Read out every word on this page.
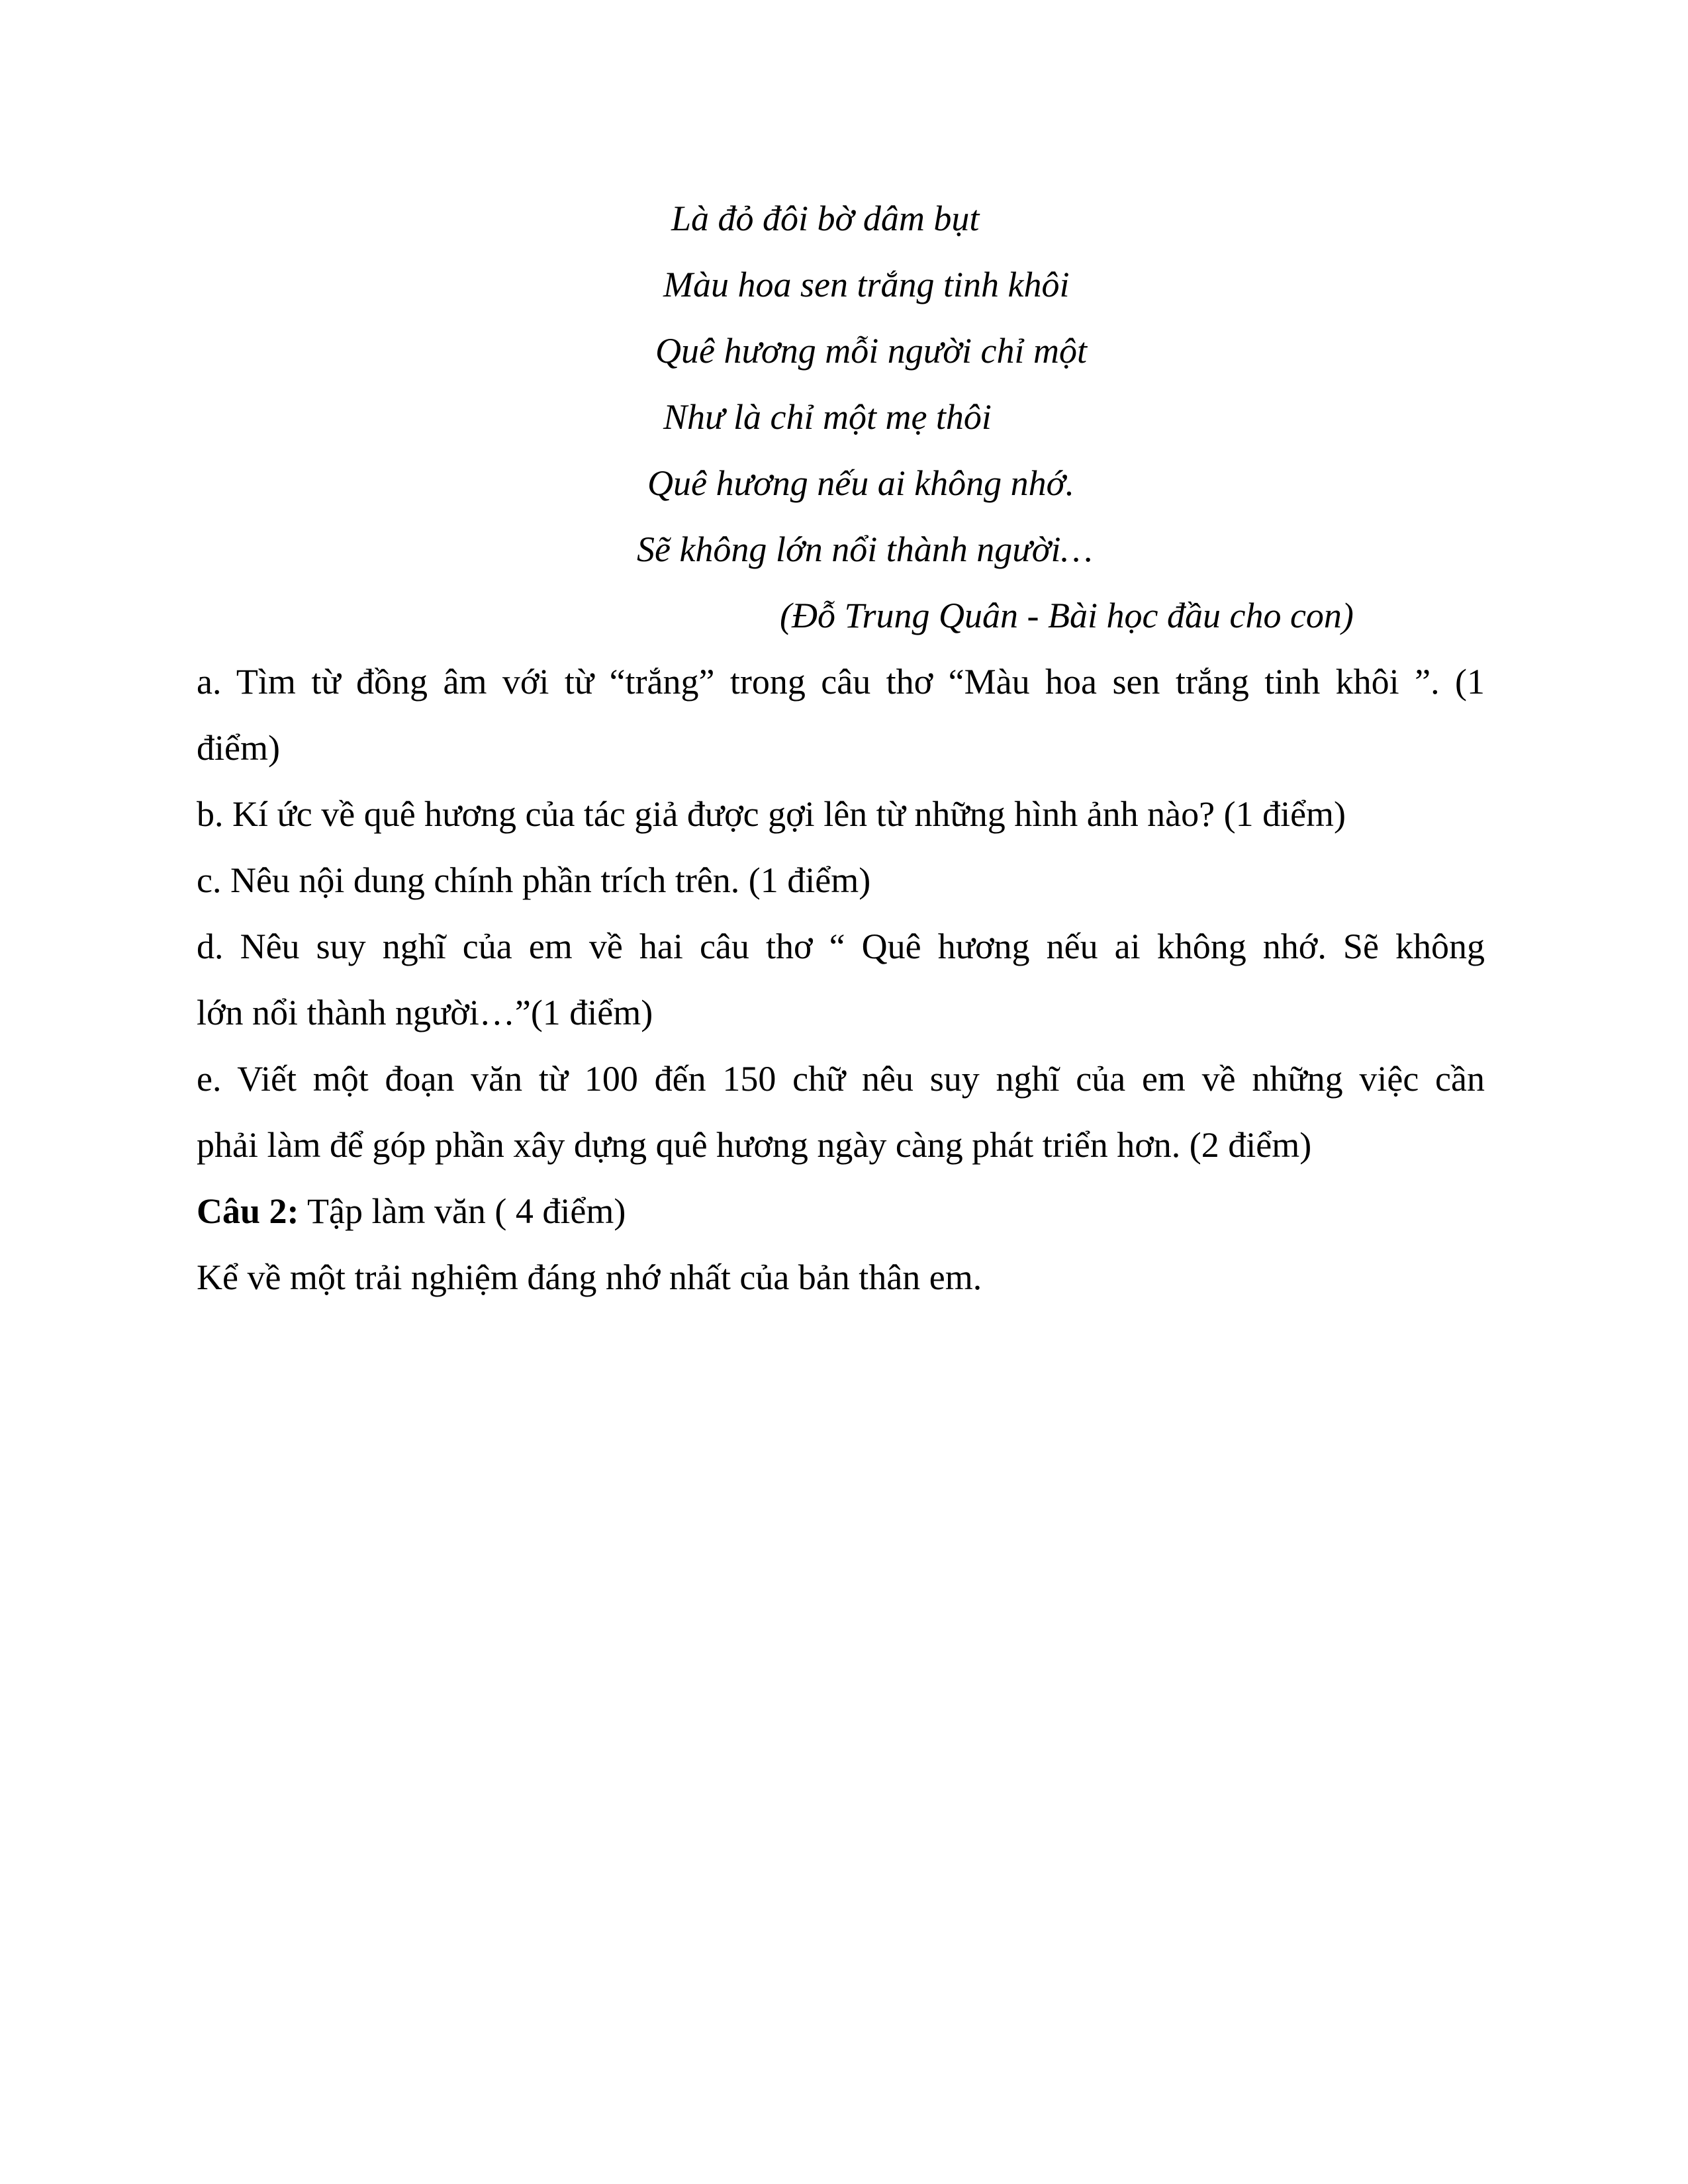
Là đỏ đôi bờ dâm bụt
Màu hoa sen trắng tinh khôi
Quê hương mỗi người chỉ một
Như là chỉ một mẹ thôi
Quê hương nếu ai không nhớ.
Sẽ không lớn nổi thành người…
(Đỗ Trung Quân - Bài học đầu cho con)
a. Tìm từ đồng âm với từ “trắng” trong câu thơ “Màu hoa sen trắng tinh khôi ”. (1
điểm)
b. Kí ức về quê hương của tác giả được gợi lên từ những hình ảnh nào? (1 điểm)
c. Nêu nội dung chính phần trích trên. (1 điểm)
d. Nêu suy nghĩ của em về hai câu thơ “ Quê hương nếu ai không nhớ. Sẽ không
lớn nổi thành người…”(1 điểm)
e. Viết một đoạn văn từ 100 đến 150 chữ nêu suy nghĩ của em về những việc cần
phải làm để góp phần xây dựng quê hương ngày càng phát triển hơn. (2 điểm)
Câu 2: Tập làm văn ( 4 điểm)
Kể về một trải nghiệm đáng nhớ nhất của bản thân em.
